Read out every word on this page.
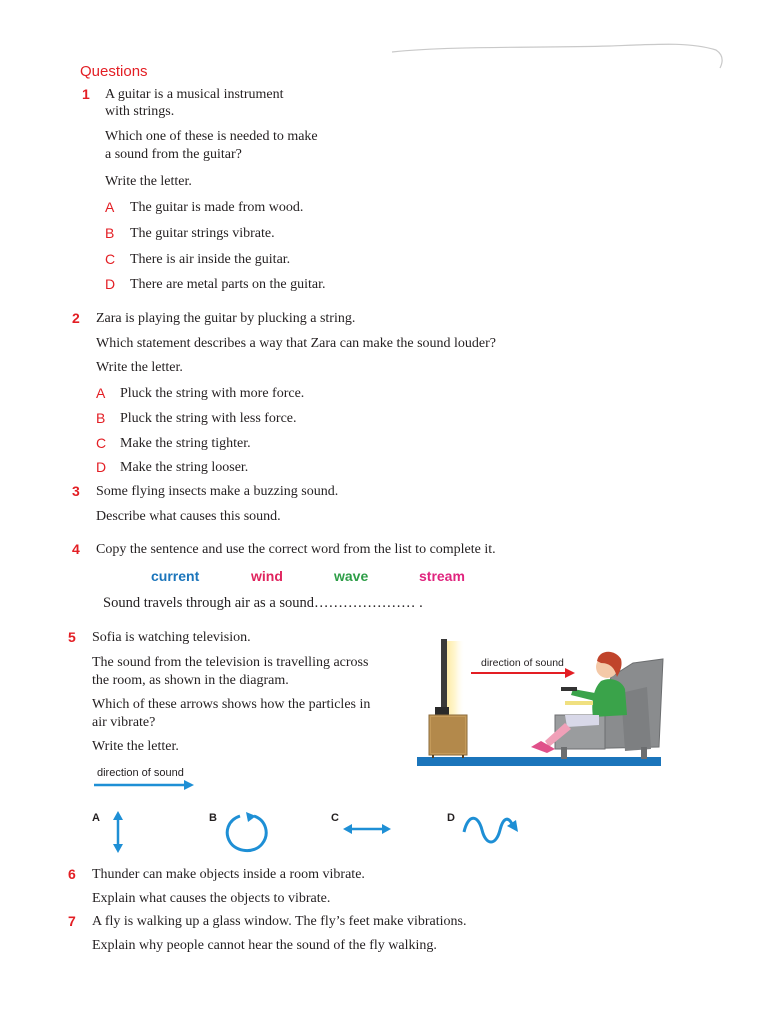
Questions
1 A guitar is a musical instrument
with strings.
Which one of these is needed to make
a sound from the guitar?
Write the letter.
A The guitar is made from wood.
B The guitar strings vibrate.
C There is air inside the guitar.
D There are metal parts on the guitar.
2 Zara is playing the guitar by plucking a string.
Which statement describes a way that Zara can make the sound louder?
Write the letter.
A Pluck the string with more force.
B Pluck the string with less force.
C Make the string tighter.
D Make the string looser.
3 Some flying insects make a buzzing sound.
Describe what causes this sound.
4 Copy the sentence and use the correct word from the list to complete it.
current	wind	wave	stream
Sound travels through air as a sound………………… .
5 Sofia is watching television.
The sound from the television is travelling across
the room, as shown in the diagram.
Which of these arrows shows how the particles in
air vibrate?
Write the letter.
direction of sound
direction of sound
A	B	C	D
6 Thunder can make objects inside a room vibrate.
Explain what causes the objects to vibrate.
7 A fly is walking up a glass window. The fly’s feet make vibrations.
Explain why people cannot hear the sound of the fly walking.
